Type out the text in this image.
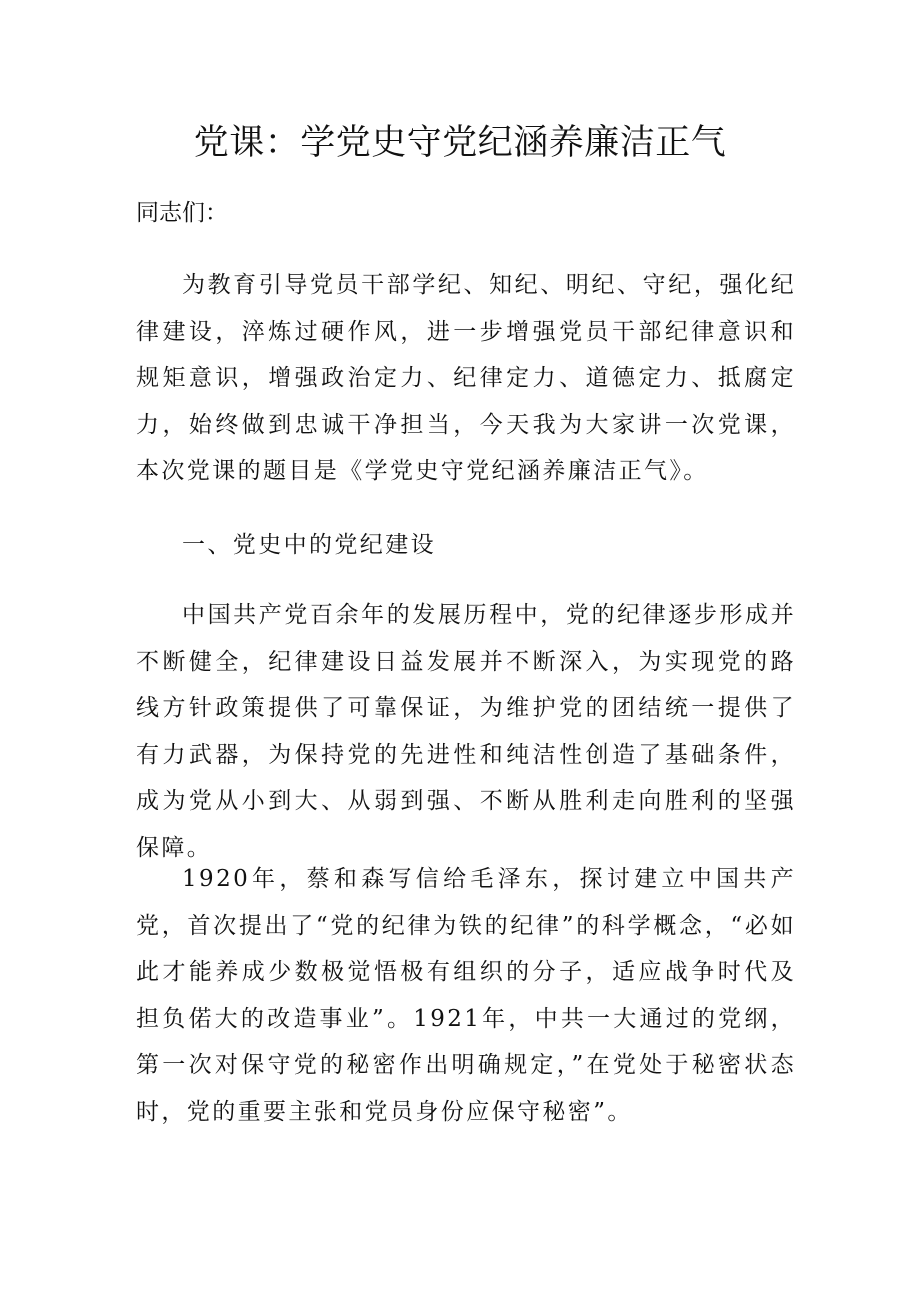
党课：学党史守党纪涵养廉洁正气

同志们：

为教育引导党员干部学纪、知纪、明纪、守纪，强化纪律建设，淬炼过硬作风，进一步增强党员干部纪律意识和规矩意识，增强政治定力、纪律定力、道德定力、抵腐定力，始终做到忠诚干净担当，今天我为大家讲一次党课，本次党课的题目是《学党史守党纪涵养廉洁正气》。

一、党史中的党纪建设

中国共产党百余年的发展历程中，党的纪律逐步形成并不断健全，纪律建设日益发展并不断深入，为实现党的路线方针政策提供了可靠保证，为维护党的团结统一提供了有力武器，为保持党的先进性和纯洁性创造了基础条件，成为党从小到大、从弱到强、不断从胜利走向胜利的坚强保障。

1920年，蔡和森写信给毛泽东，探讨建立中国共产党，首次提出了“党的纪律为铁的纪律”的科学概念，“必如此才能养成少数极觉悟极有组织的分子，适应战争时代及担负偌大的改造事业”。1921年，中共一大通过的党纲，第一次对保守党的秘密作出明确规定，”在党处于秘密状态时，党的重要主张和党员身份应保守秘密”。
